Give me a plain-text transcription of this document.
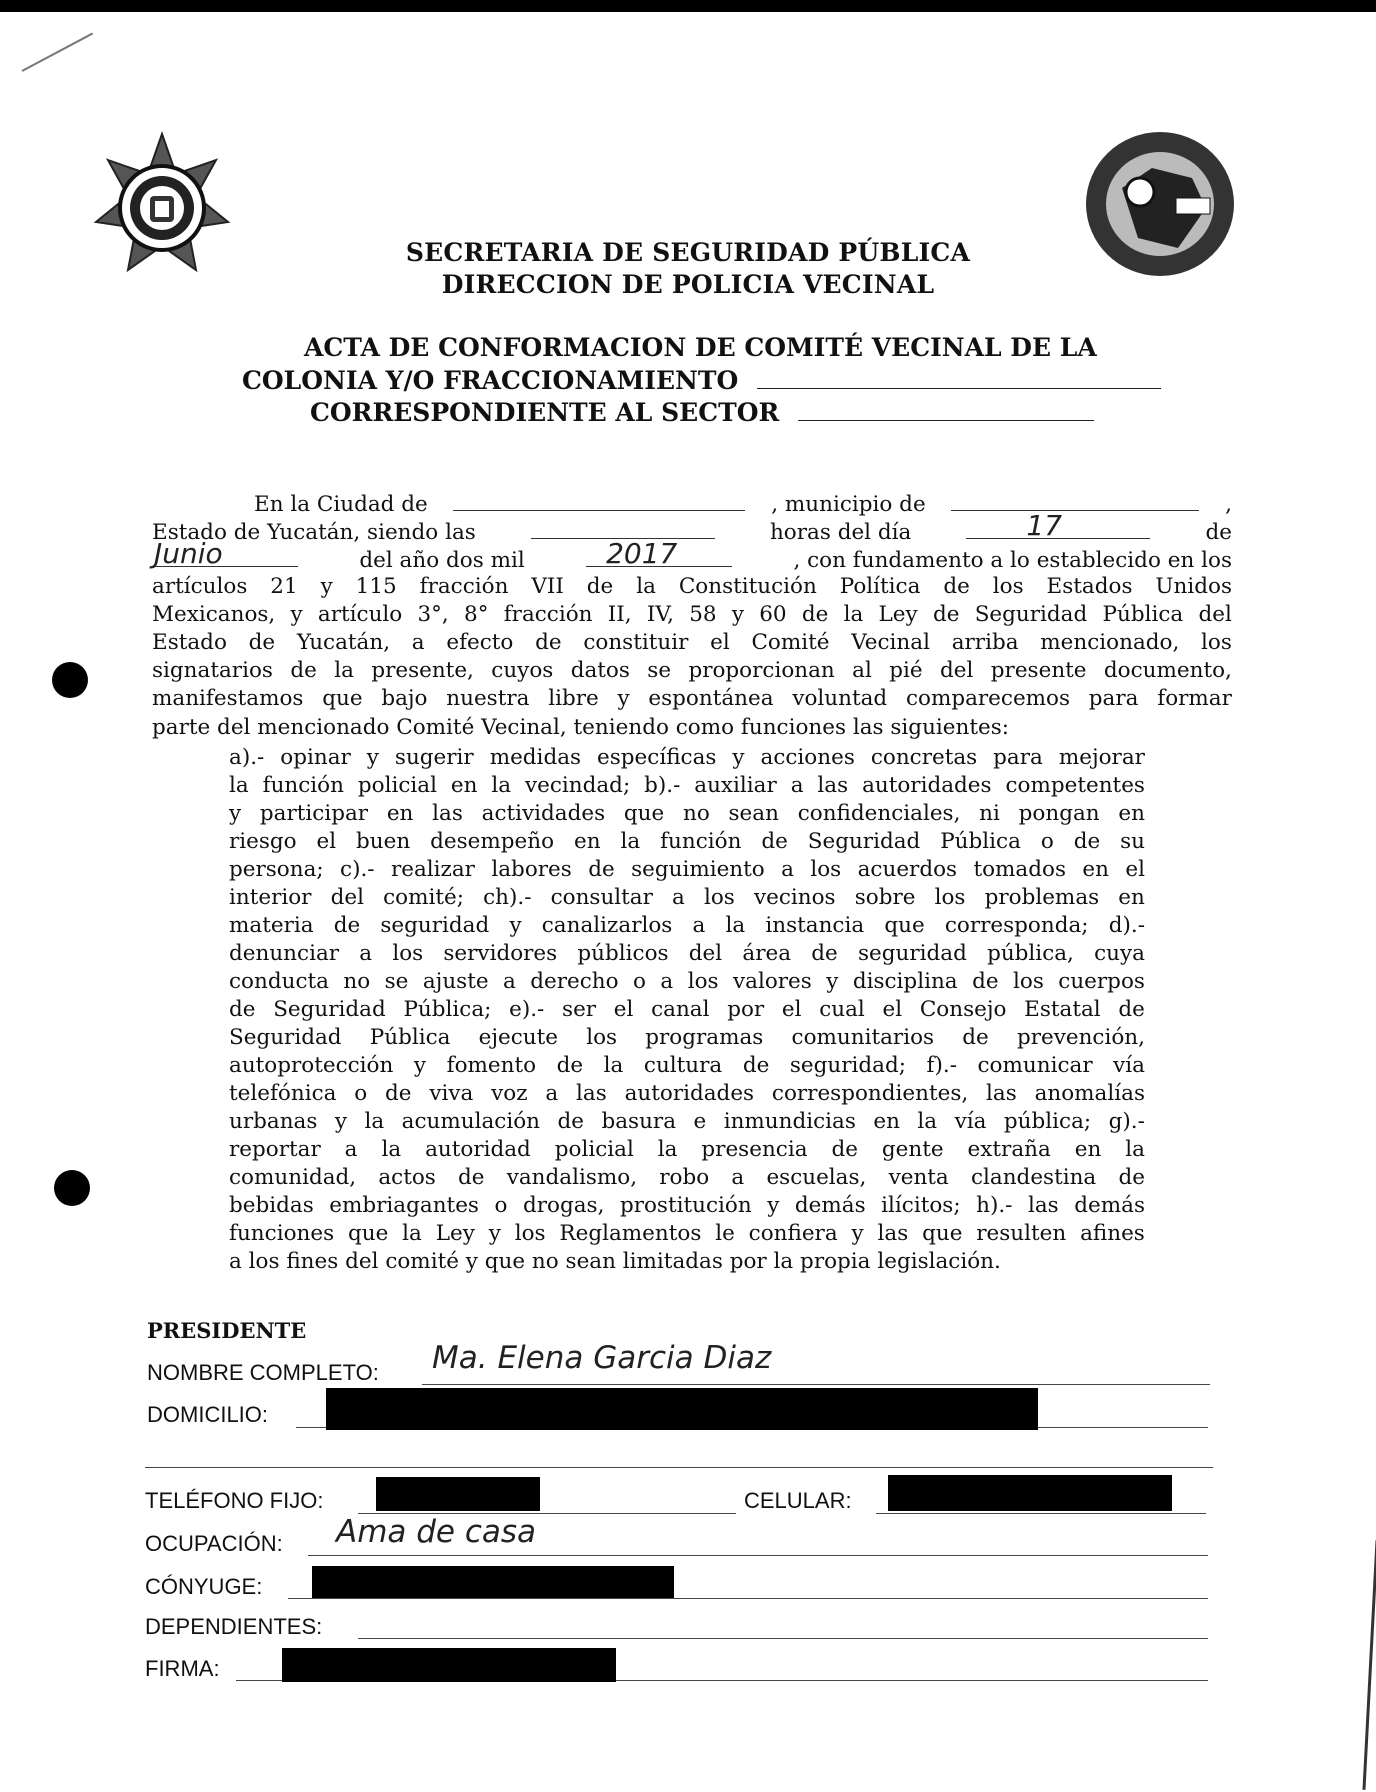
SECRETARIA DE SEGURIDAD PÚBLICA
DIRECCION DE POLICIA VECINAL
ACTA DE CONFORMACION DE COMITÉ VECINAL DE LA
COLONIA Y/O FRACCIONAMIENTO
CORRESPONDIENTE AL SECTOR
En la Ciudad de	, municipio de	,
Estado de Yucatán, siendo las	horas del día	17	de
Junio	del año dos mil	2017	, con fundamento a lo establecido en los
artículos 21 y 115 fracción VII de la Constitución Política de los Estados Unidos
Mexicanos, y artículo 3°, 8° fracción II, IV, 58 y 60 de la Ley de Seguridad Pública del
Estado de Yucatán, a efecto de constituir el Comité Vecinal arriba mencionado, los
signatarios de la presente, cuyos datos se proporcionan al pié del presente documento,
manifestamos que bajo nuestra libre y espontánea voluntad comparecemos para formar
parte del mencionado Comité Vecinal, teniendo como funciones las siguientes:
a).- opinar y sugerir medidas específicas y acciones concretas para mejorar
la función policial en la vecindad; b).- auxiliar a las autoridades competentes
y participar en las actividades que no sean confidenciales, ni pongan en
riesgo el buen desempeño en la función de Seguridad Pública o de su
persona; c).- realizar labores de seguimiento a los acuerdos tomados en el
interior del comité; ch).- consultar a los vecinos sobre los problemas en
materia de seguridad y canalizarlos a la instancia que corresponda; d).-
denunciar a los servidores públicos del área de seguridad pública, cuya
conducta no se ajuste a derecho o a los valores y disciplina de los cuerpos
de Seguridad Pública; e).- ser el canal por el cual el Consejo Estatal de
Seguridad Pública ejecute los programas comunitarios de prevención,
autoprotección y fomento de la cultura de seguridad; f).- comunicar vía
telefónica o de viva voz a las autoridades correspondientes, las anomalías
urbanas y la acumulación de basura e inmundicias en la vía pública; g).-
reportar a la autoridad policial la presencia de gente extraña en la
comunidad, actos de vandalismo, robo a escuelas, venta clandestina de
bebidas embriagantes o drogas, prostitución y demás ilícitos; h).- las demás
funciones que la Ley y los Reglamentos le confiera y las que resulten afines
a los fines del comité y que no sean limitadas por la propia legislación.
PRESIDENTE
NOMBRE COMPLETO: Ma. Elena Garcia Diaz
DOMICILIO:
TELÉFONO FIJO:	CELULAR:
OCUPACIÓN: Ama de casa
CÓNYUGE:
DEPENDIENTES:
FIRMA:
